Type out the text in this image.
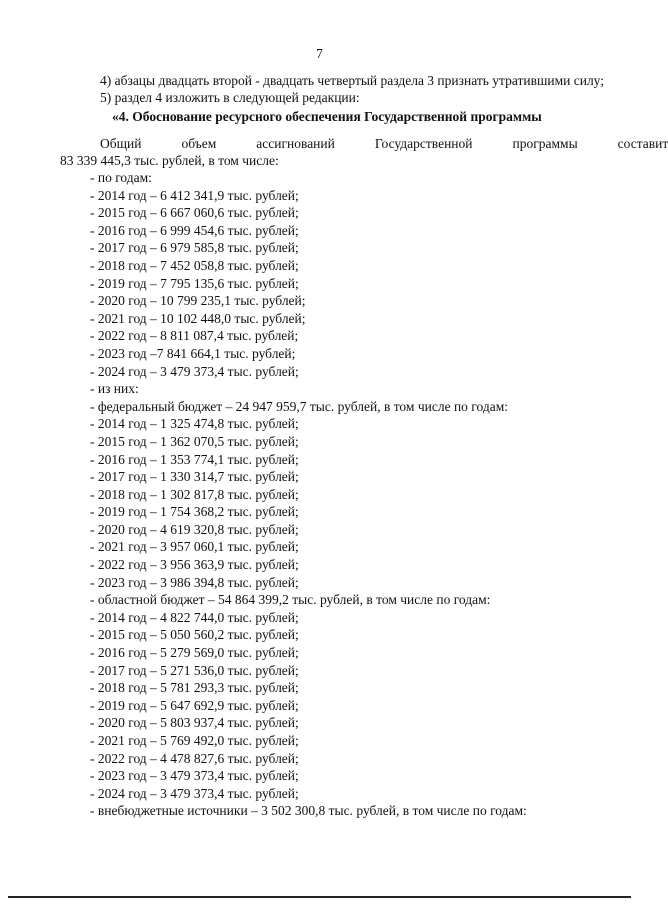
7
4) абзацы двадцать второй - двадцать четвертый раздела 3 признать утратившими силу;
5) раздел 4 изложить в следующей редакции:
«4. Обоснование ресурсного обеспечения Государственной программы
Общий	объем	ассигнований	Государственной	программы	составит
83 339 445,3 тыс. рублей, в том числе:
- по годам:
- 2014 год – 6 412 341,9 тыс. рублей;
- 2015 год – 6 667 060,6 тыс. рублей;
- 2016 год – 6 999 454,6 тыс. рублей;
- 2017 год – 6 979 585,8 тыс. рублей;
- 2018 год – 7 452 058,8 тыс. рублей;
- 2019 год – 7 795 135,6 тыс. рублей;
- 2020 год – 10 799 235,1 тыс. рублей;
- 2021 год – 10 102 448,0 тыс. рублей;
- 2022 год – 8 811 087,4 тыс. рублей;
- 2023 год –7 841 664,1 тыс. рублей;
- 2024 год – 3 479 373,4 тыс. рублей;
- из них:
- федеральный бюджет – 24 947 959,7 тыс. рублей, в том числе по годам:
- 2014 год – 1 325 474,8 тыс. рублей;
- 2015 год – 1 362 070,5 тыс. рублей;
- 2016 год – 1 353 774,1 тыс. рублей;
- 2017 год – 1 330 314,7 тыс. рублей;
- 2018 год – 1 302 817,8 тыс. рублей;
- 2019 год – 1 754 368,2 тыс. рублей;
- 2020 год – 4 619 320,8 тыс. рублей;
- 2021 год – 3 957 060,1 тыс. рублей;
- 2022 год – 3 956 363,9 тыс. рублей;
- 2023 год – 3 986 394,8 тыс. рублей;
- областной бюджет – 54 864 399,2 тыс. рублей, в том числе по годам:
- 2014 год – 4 822 744,0 тыс. рублей;
- 2015 год – 5 050 560,2 тыс. рублей;
- 2016 год – 5 279 569,0 тыс. рублей;
- 2017 год – 5 271 536,0 тыс. рублей;
- 2018 год – 5 781 293,3 тыс. рублей;
- 2019 год – 5 647 692,9 тыс. рублей;
- 2020 год – 5 803 937,4 тыс. рублей;
- 2021 год – 5 769 492,0 тыс. рублей;
- 2022 год – 4 478 827,6 тыс. рублей;
- 2023 год – 3 479 373,4 тыс. рублей;
- 2024 год – 3 479 373,4 тыс. рублей;
- внебюджетные источники – 3 502 300,8 тыс. рублей, в том числе по годам:
